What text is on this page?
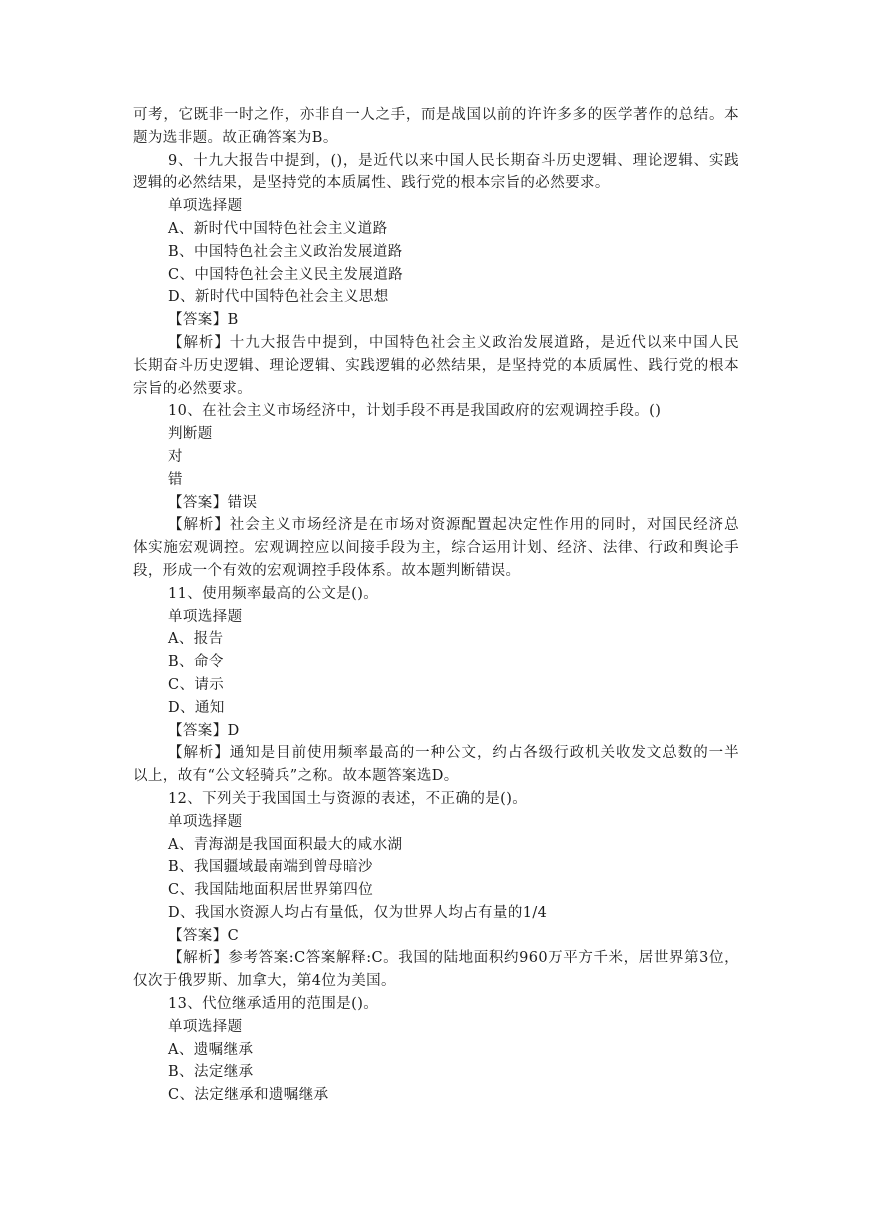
可考，它既非一时之作，亦非自一人之手，而是战国以前的许许多多的医学著作的总结。本
题为选非题。故正确答案为B。
9、十九大报告中提到，()，是近代以来中国人民长期奋斗历史逻辑、理论逻辑、实践
逻辑的必然结果，是坚持党的本质属性、践行党的根本宗旨的必然要求。
单项选择题
A、新时代中国特色社会主义道路
B、中国特色社会主义政治发展道路
C、中国特色社会主义民主发展道路
D、新时代中国特色社会主义思想
【答案】B
【解析】十九大报告中提到，中国特色社会主义政治发展道路，是近代以来中国人民
长期奋斗历史逻辑、理论逻辑、实践逻辑的必然结果，是坚持党的本质属性、践行党的根本
宗旨的必然要求。
10、在社会主义市场经济中，计划手段不再是我国政府的宏观调控手段。()
判断题
对
错
【答案】错误
【解析】社会主义市场经济是在市场对资源配置起决定性作用的同时，对国民经济总
体实施宏观调控。宏观调控应以间接手段为主，综合运用计划、经济、法律、行政和舆论手
段，形成一个有效的宏观调控手段体系。故本题判断错误。
11、使用频率最高的公文是()。
单项选择题
A、报告
B、命令
C、请示
D、通知
【答案】D
【解析】通知是目前使用频率最高的一种公文，约占各级行政机关收发文总数的一半
以上，故有“公文轻骑兵”之称。故本题答案选D。
12、下列关于我国国土与资源的表述，不正确的是()。
单项选择题
A、青海湖是我国面积最大的咸水湖
B、我国疆域最南端到曾母暗沙
C、我国陆地面积居世界第四位
D、我国水资源人均占有量低，仅为世界人均占有量的1/4
【答案】C
【解析】参考答案:C答案解释:C。我国的陆地面积约960万平方千米，居世界第3位，
仅次于俄罗斯、加拿大，第4位为美国。
13、代位继承适用的范围是()。
单项选择题
A、遗嘱继承
B、法定继承
C、法定继承和遗嘱继承
